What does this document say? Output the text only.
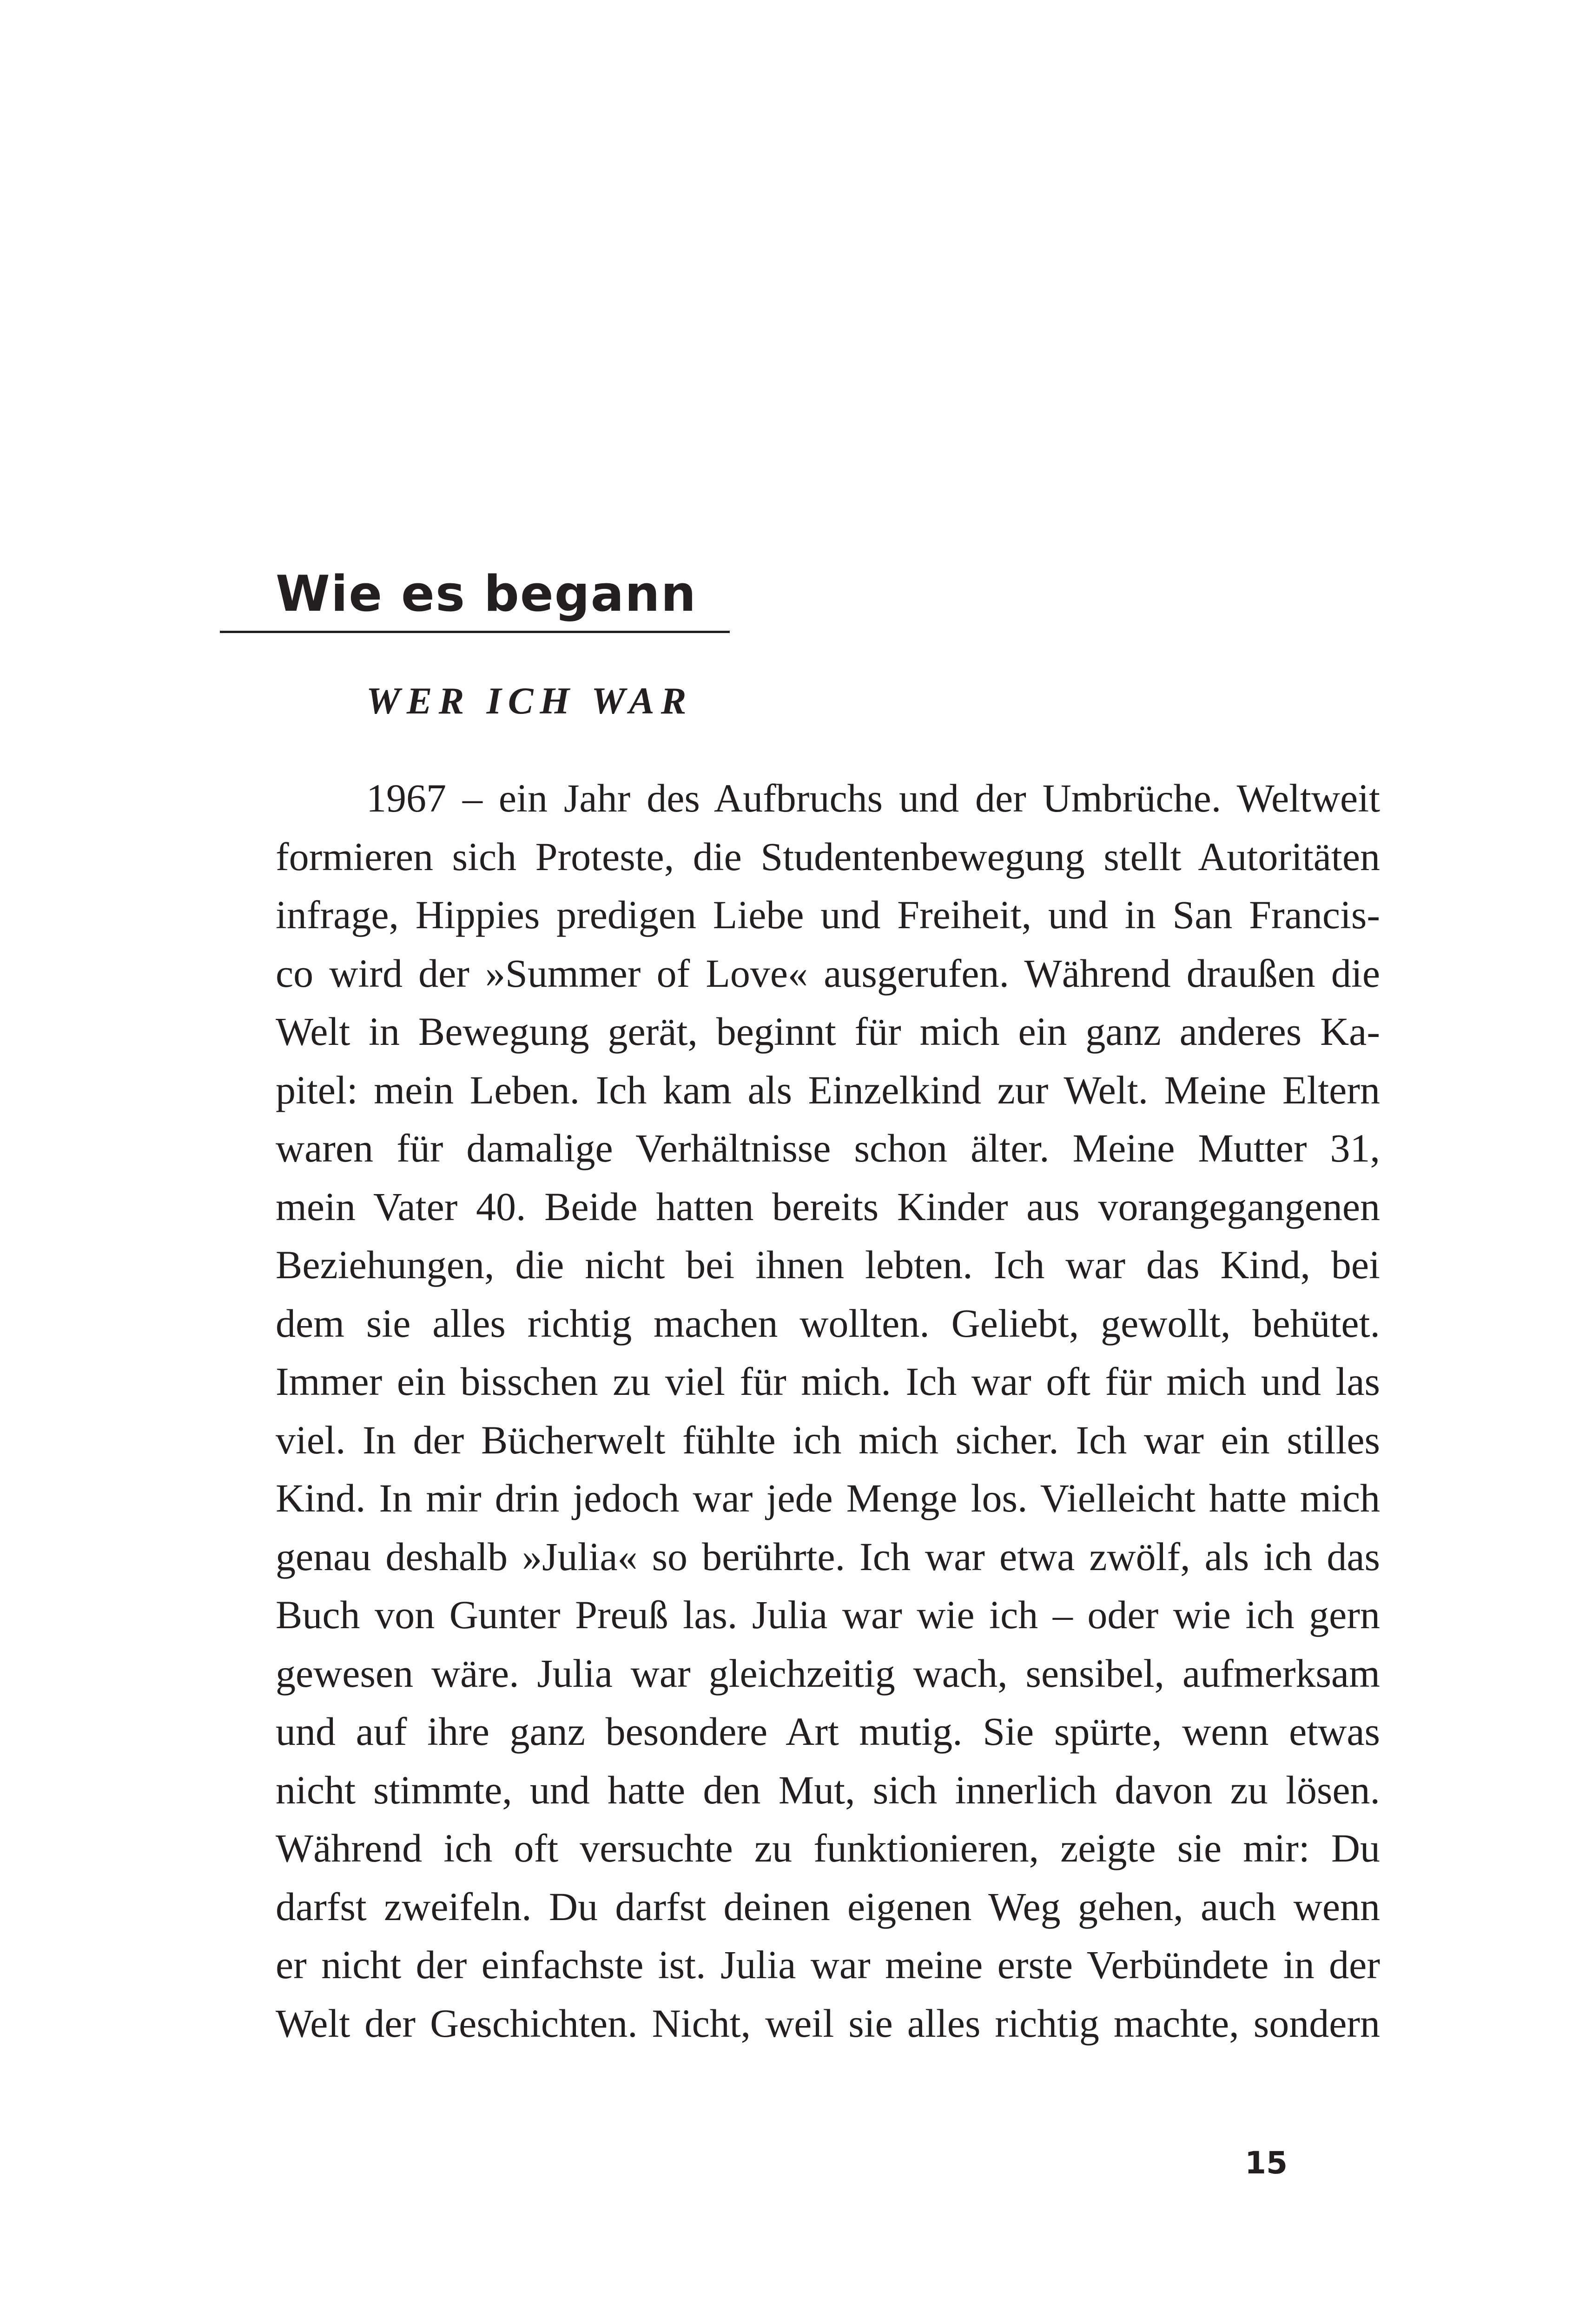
Wie es begann
WER ICH WAR
1967 – ein Jahr des Aufbruchs und der Umbrüche. Weltweit
formieren sich Proteste, die Studentenbewegung stellt Autoritäten
infrage, Hippies predigen Liebe und Freiheit, und in San Francis-
co wird der »Summer of Love« ausgerufen. Während draußen die
Welt in Bewegung gerät, beginnt für mich ein ganz anderes Ka-
pitel: mein Leben. Ich kam als Einzelkind zur Welt. Meine Eltern
waren für damalige Verhältnisse schon älter. Meine Mutter 31,
mein Vater 40. Beide hatten bereits Kinder aus vorangegangenen
Beziehungen, die nicht bei ihnen lebten. Ich war das Kind, bei
dem sie alles richtig machen wollten. Geliebt, gewollt, behütet.
Immer ein bisschen zu viel für mich. Ich war oft für mich und las
viel. In der Bücherwelt fühlte ich mich sicher. Ich war ein stilles
Kind. In mir drin jedoch war jede Menge los. Vielleicht hatte mich
genau deshalb »Julia« so berührte. Ich war etwa zwölf, als ich das
Buch von Gunter Preuß las. Julia war wie ich – oder wie ich gern
gewesen wäre. Julia war gleichzeitig wach, sensibel, aufmerksam
und auf ihre ganz besondere Art mutig. Sie spürte, wenn etwas
nicht stimmte, und hatte den Mut, sich innerlich davon zu lösen.
Während ich oft versuchte zu funktionieren, zeigte sie mir: Du
darfst zweifeln. Du darfst deinen eigenen Weg gehen, auch wenn
er nicht der einfachste ist. Julia war meine erste Verbündete in der
Welt der Geschichten. Nicht, weil sie alles richtig machte, sondern
15
